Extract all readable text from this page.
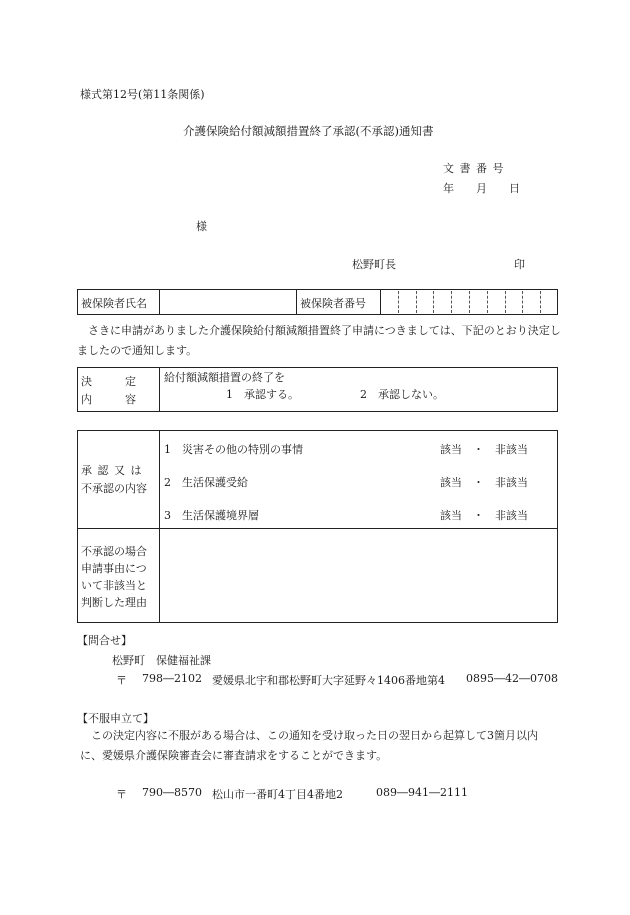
様式第12号(第11条関係)
介護保険給付額減額措置終了承認(不承認)通知書
文 書 番 号
年　　月　　日
様
松野町長	印
被保険者氏名	被保険者番号
さきに申請がありました介護保険給付額減額措置終了申請につきましては、下記のとおり決定しましたので通知します。
決　　　定
内　　　容
給付額減額措置の終了を
1　承認する。	2　承認しない。
承 認 又 は
不承認の内容
1　災害その他の特別の事情	該当　・　非該当
2　生活保護受給	該当　・　非該当
3　生活保護境界層	該当　・　非該当
不承認の場合
申請事由につ
いて非該当と
判断した理由
【問合せ】
松野町　保健福祉課
〒 798―2102 愛媛県北宇和郡松野町大字延野々1406番地第4 0895―42―0708
【不服申立て】
この決定内容に不服がある場合は、この通知を受け取った日の翌日から起算して3箇月以内に、愛媛県介護保険審査会に審査請求をすることができます。
〒 790―8570 松山市一番町4丁目4番地2	089―941―2111
